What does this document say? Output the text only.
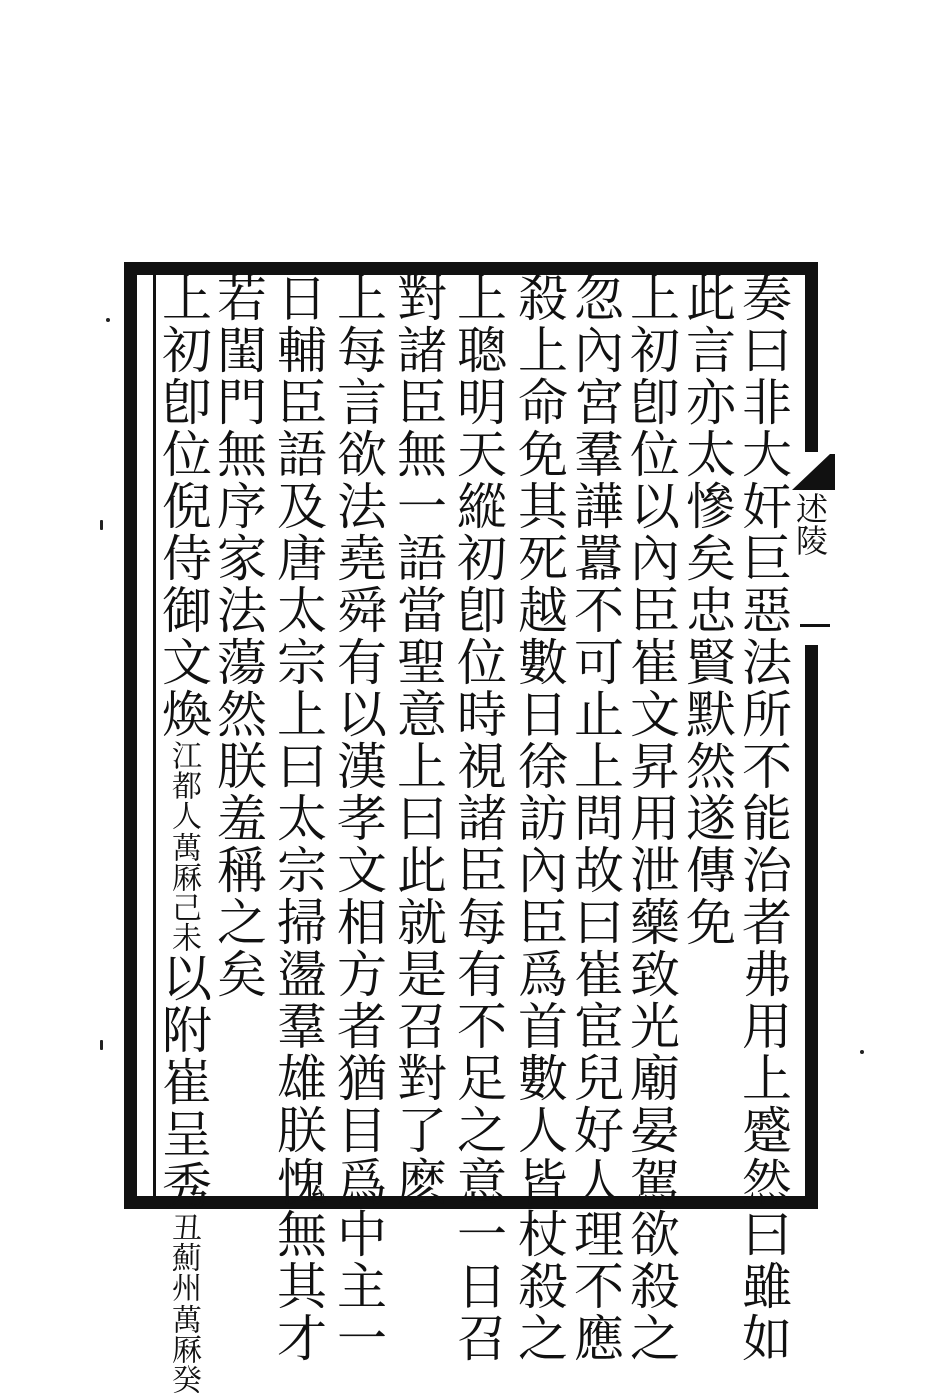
述陵
奏曰非大奸巨惡法所不能治者弗用上蹙然曰雖如
此言亦太慘矣忠賢默然遂傳免
上初卽位以內臣崔文昇用泄藥致光廟晏駕欲殺之
忽內宮羣譁囂不可止上問故曰崔宦兒好人理不應
殺上命免其死越數日徐訪內臣爲首數人皆杖殺之
上聰明天縱初卽位時視諸臣每有不足之意一日召
對諸臣無一語當聖意上曰此就是召對了麽
上每言欲法堯舜有以漢孝文相方者猶目爲中主一
日輔臣語及唐太宗上曰太宗掃盪羣雄朕愧無其才
若閨門無序家法蕩然朕羞稱之矣
上初卽位倪侍御文煥
萬厤己未
江都人
以附崔呈秀
萬厤癸
丑薊州
